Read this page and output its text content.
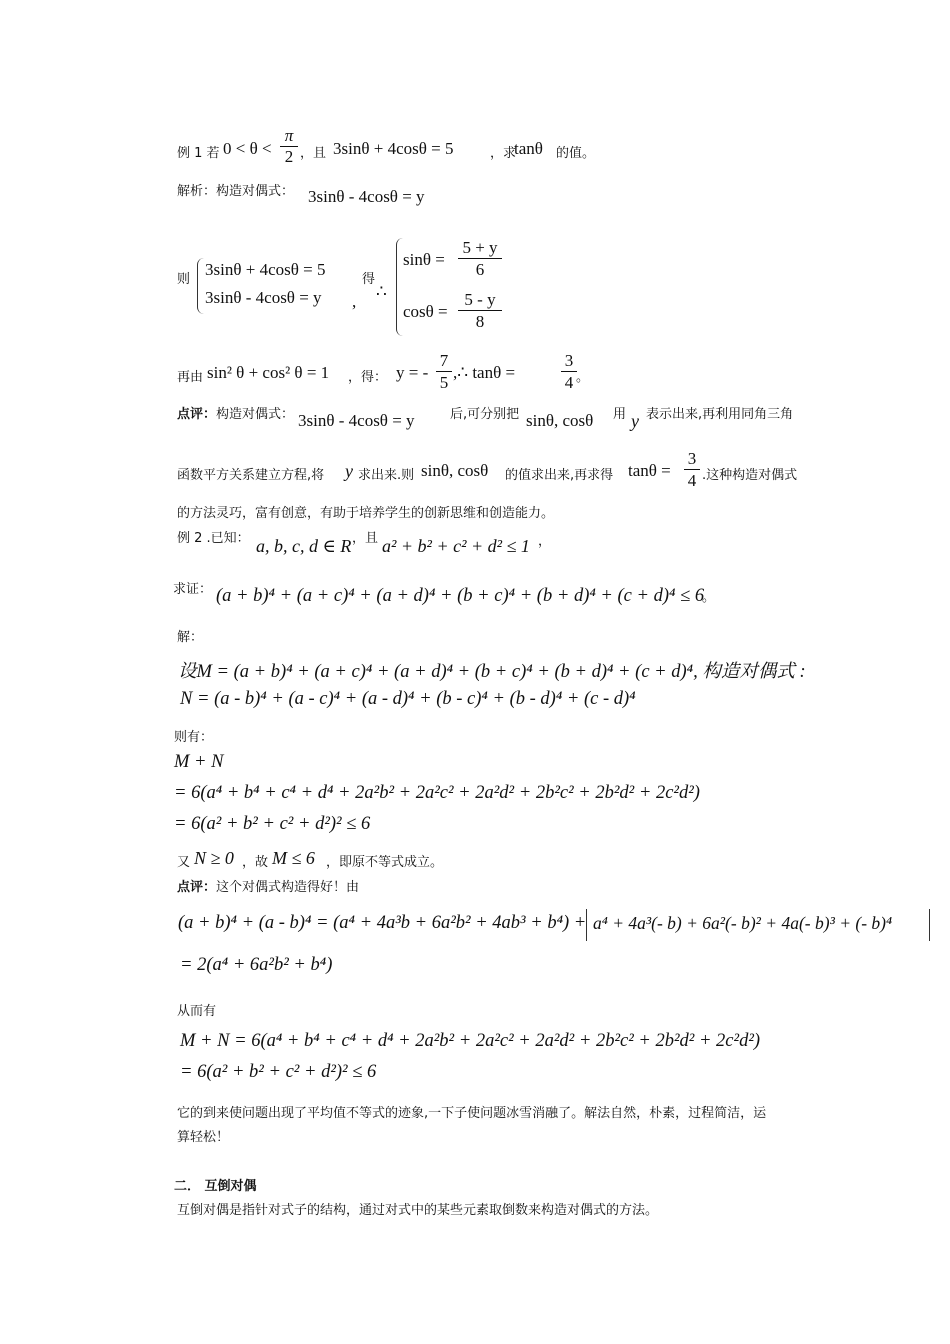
例 1 若 $0 < \theta < \frac{\pi}{2}$ ，且 3sinθ + 4cosθ = 5	，求
tanθ 的值。
解析：构造对偶式： 3sinθ - 4cosθ = y
则
3sinθ + 4cosθ = 5
3sinθ - 4cosθ = y ,
得
∴
$\sin\theta = \frac{5 + y}{6}$
$\cos\theta = \frac{5 - y}{8}$
再由 sin² θ + cos² θ = 1 ，得： y = - $\frac{7}{5}$ ,∴ tanθ =	$\frac{3}{4}$ 。
点评： 构造对偶式： 3sinθ - 4cosθ = y	后,可分别把 sinθ, cosθ 用 y 表示出来,再利用同角三角
函数平方关系建立方程,将 y 求出来.则 sinθ, cosθ 的值求出来,再求得 $\tan\theta = \frac{3}{4}$ .这种构造对偶式
的方法灵巧，富有创意，有助于培养学生的创新思维和创造能力。
例 2 .已知： a, b, c, d ∈ R ，且 a² + b² + c² + d² ≤ 1 ，
求证： (a + b)⁴ + (a + c)⁴ + (a + d)⁴ + (b + c)⁴ + (b + d)⁴ + (c + d)⁴ ≤ 6
。
解：
设M = (a + b)⁴ + (a + c)⁴ + (a + d)⁴ + (b + c)⁴ + (b + d)⁴ + (c + d)⁴, 构造对偶式 :
N = (a - b)⁴ + (a - c)⁴ + (a - d)⁴ + (b - c)⁴ + (b - d)⁴ + (c - d)⁴
则有：
M + N
= 6(a⁴ + b⁴ + c⁴ + d⁴ + 2a²b² + 2a²c² + 2a²d² + 2b²c² + 2b²d² + 2c²d²)
= 6(a² + b² + c² + d²)² ≤ 6
又 N ≥ 0 ，故 M ≤ 6 ，即原不等式成立。
点评： 这个对偶式构造得好！由
(a + b)⁴ + (a - b)⁴ = (a⁴ + 4a³b + 6a²b² + 4ab³ + b⁴) + a⁴ + 4a³(- b) + 6a²(- b)² + 4a(- b)³ + (- b)⁴
= 2(a⁴ + 6a²b² + b⁴)
从而有
M + N = 6(a⁴ + b⁴ + c⁴ + d⁴ + 2a²b² + 2a²c² + 2a²d² + 2b²c² + 2b²d² + 2c²d²)
= 6(a² + b² + c² + d²)² ≤ 6
它的到来使问题出现了平均值不等式的迹象,一下子使问题冰雪消融了。解法自然，朴素，过程简洁，运
算轻松！
二． 互倒对偶
互倒对偶是指针对式子的结构，通过对式中的某些元素取倒数来构造对偶式的方法。
